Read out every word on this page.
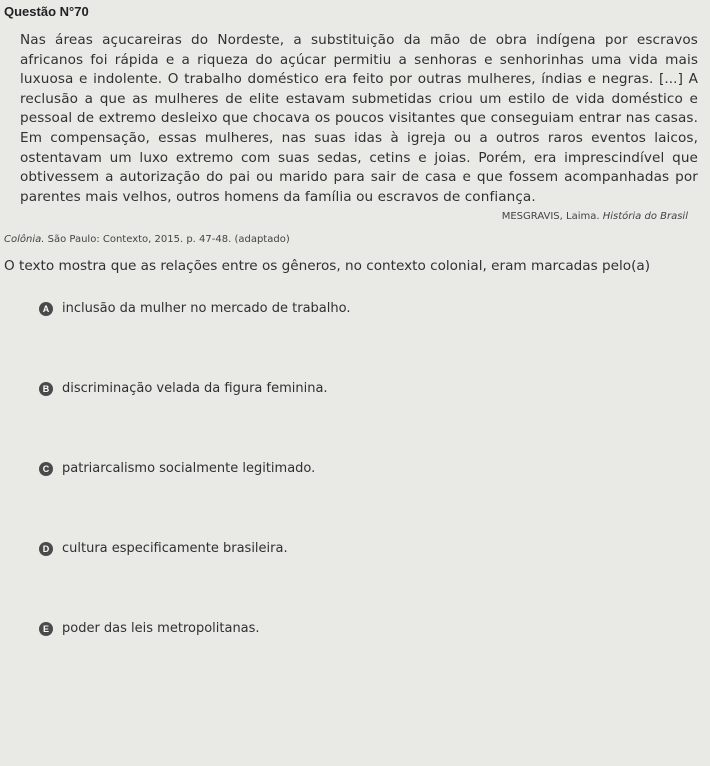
Questão N°70
Nas áreas açucareiras do Nordeste, a substituição da mão de obra indígena por escravos africanos foi rápida e a riqueza do açúcar permitiu a senhoras e senhorinhas uma vida mais luxuosa e indolente. O trabalho doméstico era feito por outras mulheres, índias e negras. [...] A reclusão a que as mulheres de elite estavam submetidas criou um estilo de vida doméstico e pessoal de extremo desleixo que chocava os poucos visitantes que conseguiam entrar nas casas. Em compensação, essas mulheres, nas suas idas à igreja ou a outros raros eventos laicos, ostentavam um luxo extremo com suas sedas, cetins e joias. Porém, era imprescindível que obtivessem a autorização do pai ou marido para sair de casa e que fossem acompanhadas por parentes mais velhos, outros homens da família ou escravos de confiança.
MESGRAVIS, Laima. História do Brasil
Colônia. São Paulo: Contexto, 2015. p. 47-48. (adaptado)
O texto mostra que as relações entre os gêneros, no contexto colonial, eram marcadas pelo(a)
A inclusão da mulher no mercado de trabalho.
B discriminação velada da figura feminina.
C patriarcalismo socialmente legitimado.
D cultura especificamente brasileira.
E	poder das leis metropolitanas.
